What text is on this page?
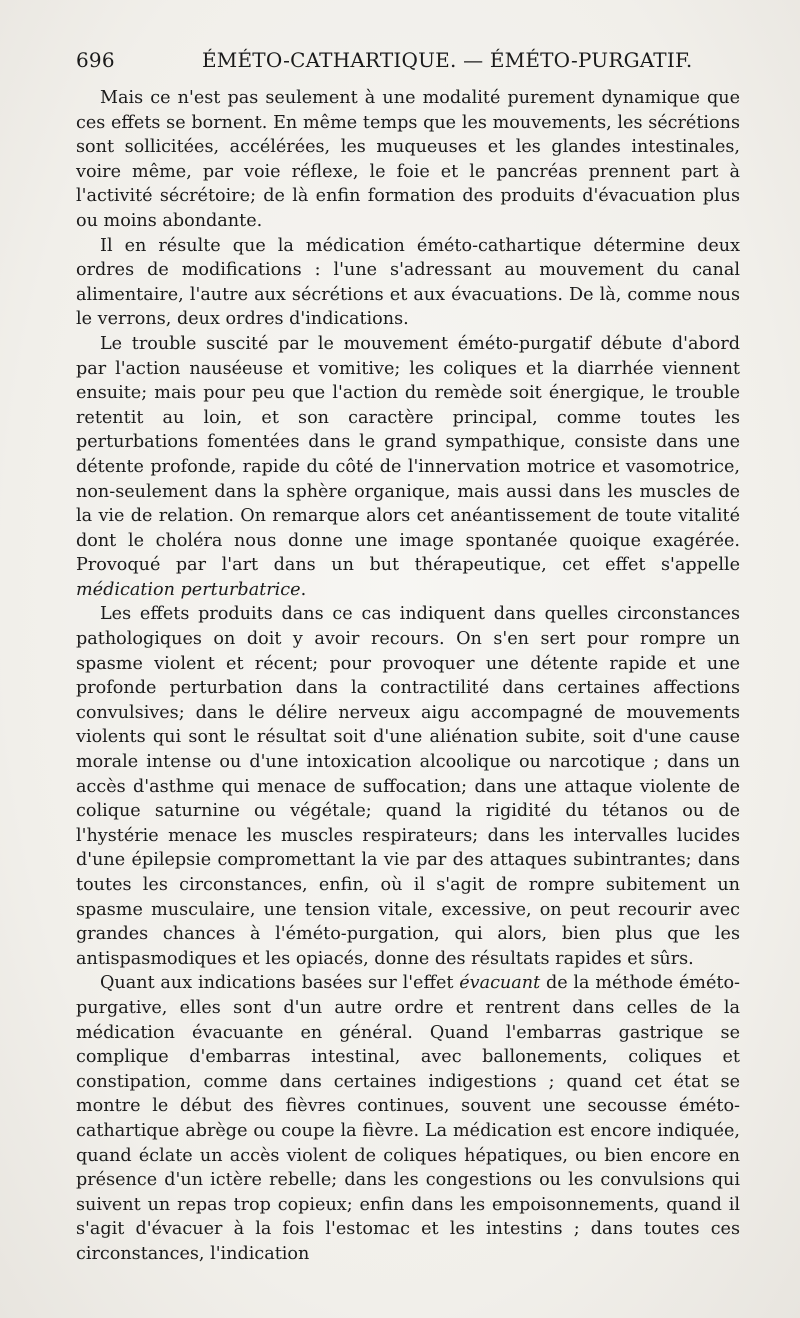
696	ÉMÉTO-CATHARTIQUE. — ÉMÉTO-PURGATIF.

Mais ce n'est pas seulement à une modalité purement dynamique que ces effets se bornent. En même temps que les mouvements, les sécrétions sont sollicitées, accélérées, les muqueuses et les glandes intestinales, voire même, par voie réflexe, le foie et le pancréas prennent part à l'activité sécrétoire; de là enfin formation des produits d'évacuation plus ou moins abondante.

Il en résulte que la médication éméto-cathartique détermine deux ordres de modifications : l'une s'adressant au mouvement du canal alimentaire, l'autre aux sécrétions et aux évacuations. De là, comme nous le verrons, deux ordres d'indications.

Le trouble suscité par le mouvement éméto-purgatif débute d'abord par l'action nauséeuse et vomitive; les coliques et la diarrhée viennent ensuite; mais pour peu que l'action du remède soit énergique, le trouble retentit au loin, et son caractère principal, comme toutes les perturbations fomentées dans le grand sympathique, consiste dans une détente profonde, rapide du côté de l'innervation motrice et vasomotrice, non-seulement dans la sphère organique, mais aussi dans les muscles de la vie de relation. On remarque alors cet anéantissement de toute vitalité dont le choléra nous donne une image spontanée quoique exagérée. Provoqué par l'art dans un but thérapeutique, cet effet s'appelle médication perturbatrice.

Les effets produits dans ce cas indiquent dans quelles circonstances pathologiques on doit y avoir recours. On s'en sert pour rompre un spasme violent et récent; pour provoquer une détente rapide et une profonde perturbation dans la contractilité dans certaines affections convulsives; dans le délire nerveux aigu accompagné de mouvements violents qui sont le résultat soit d'une aliénation subite, soit d'une cause morale intense ou d'une intoxication alcoolique ou narcotique ; dans un accès d'asthme qui menace de suffocation; dans une attaque violente de colique saturnine ou végétale; quand la rigidité du tétanos ou de l'hystérie menace les muscles respirateurs; dans les intervalles lucides d'une épilepsie compromettant la vie par des attaques subintrantes; dans toutes les circonstances, enfin, où il s'agit de rompre subitement un spasme musculaire, une tension vitale, excessive, on peut recourir avec grandes chances à l'éméto-purgation, qui alors, bien plus que les antispasmodiques et les opiacés, donne des résultats rapides et sûrs.

Quant aux indications basées sur l'effet évacuant de la méthode éméto-purgative, elles sont d'un autre ordre et rentrent dans celles de la médication évacuante en général. Quand l'embarras gastrique se complique d'embarras intestinal, avec ballonements, coliques et constipation, comme dans certaines indigestions ; quand cet état se montre le début des fièvres continues, souvent une secousse éméto-cathartique abrège ou coupe la fièvre. La médication est encore indiquée, quand éclate un accès violent de coliques hépatiques, ou bien encore en présence d'un ictère rebelle; dans les congestions ou les convulsions qui suivent un repas trop copieux; enfin dans les empoisonnements, quand il s'agit d'évacuer à la fois l'estomac et les intestins ; dans toutes ces circonstances, l'indication
